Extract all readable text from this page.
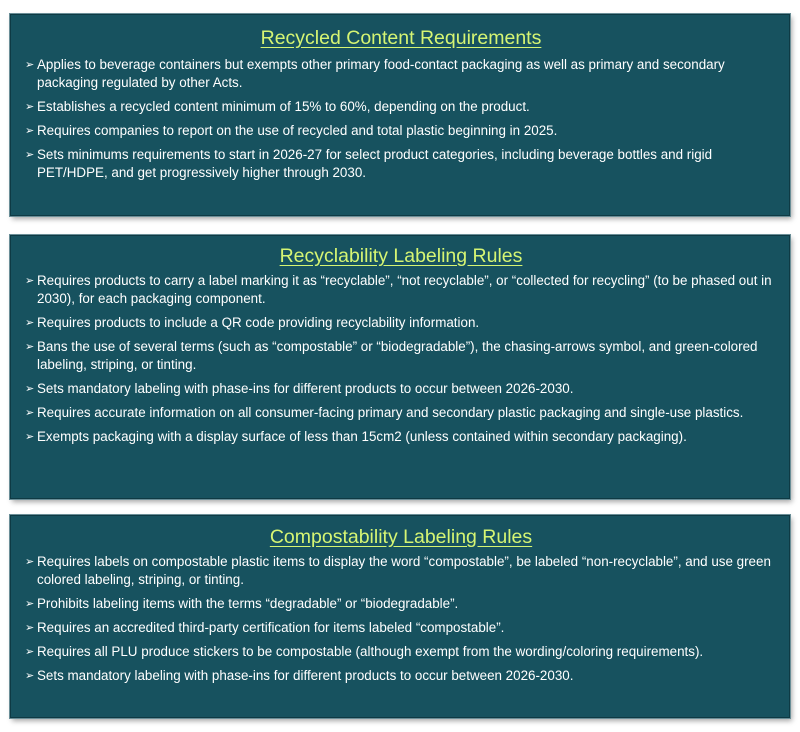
Recycled Content Requirements
➢ Applies to beverage containers but exempts other primary food-contact packaging as well as primary and secondary packaging regulated by other Acts.
➢ Establishes a recycled content minimum of 15% to 60%, depending on the product.
➢ Requires companies to report on the use of recycled and total plastic beginning in 2025.
➢ Sets minimums requirements to start in 2026-27 for select product categories, including beverage bottles and rigid PET/HDPE, and get progressively higher through 2030.
Recyclability Labeling Rules
➢ Requires products to carry a label marking it as “recyclable”, “not recyclable”, or “collected for recycling” (to be phased out in 2030), for each packaging component.
➢ Requires products to include a QR code providing recyclability information.
➢ Bans the use of several terms (such as “compostable” or “biodegradable”), the chasing-arrows symbol, and green-colored labeling, striping, or tinting.
➢ Sets mandatory labeling with phase-ins for different products to occur between 2026-2030.
➢ Requires accurate information on all consumer-facing primary and secondary plastic packaging and single-use plastics.
➢ Exempts packaging with a display surface of less than 15cm2 (unless contained within secondary packaging).
Compostability Labeling Rules
➢ Requires labels on compostable plastic items to display the word “compostable”, be labeled “non-recyclable”, and use green colored labeling, striping, or tinting.
➢ Prohibits labeling items with the terms “degradable” or “biodegradable”.
➢ Requires an accredited third-party certification for items labeled “compostable”.
➢ Requires all PLU produce stickers to be compostable (although exempt from the wording/coloring requirements).
➢ Sets mandatory labeling with phase-ins for different products to occur between 2026-2030.
